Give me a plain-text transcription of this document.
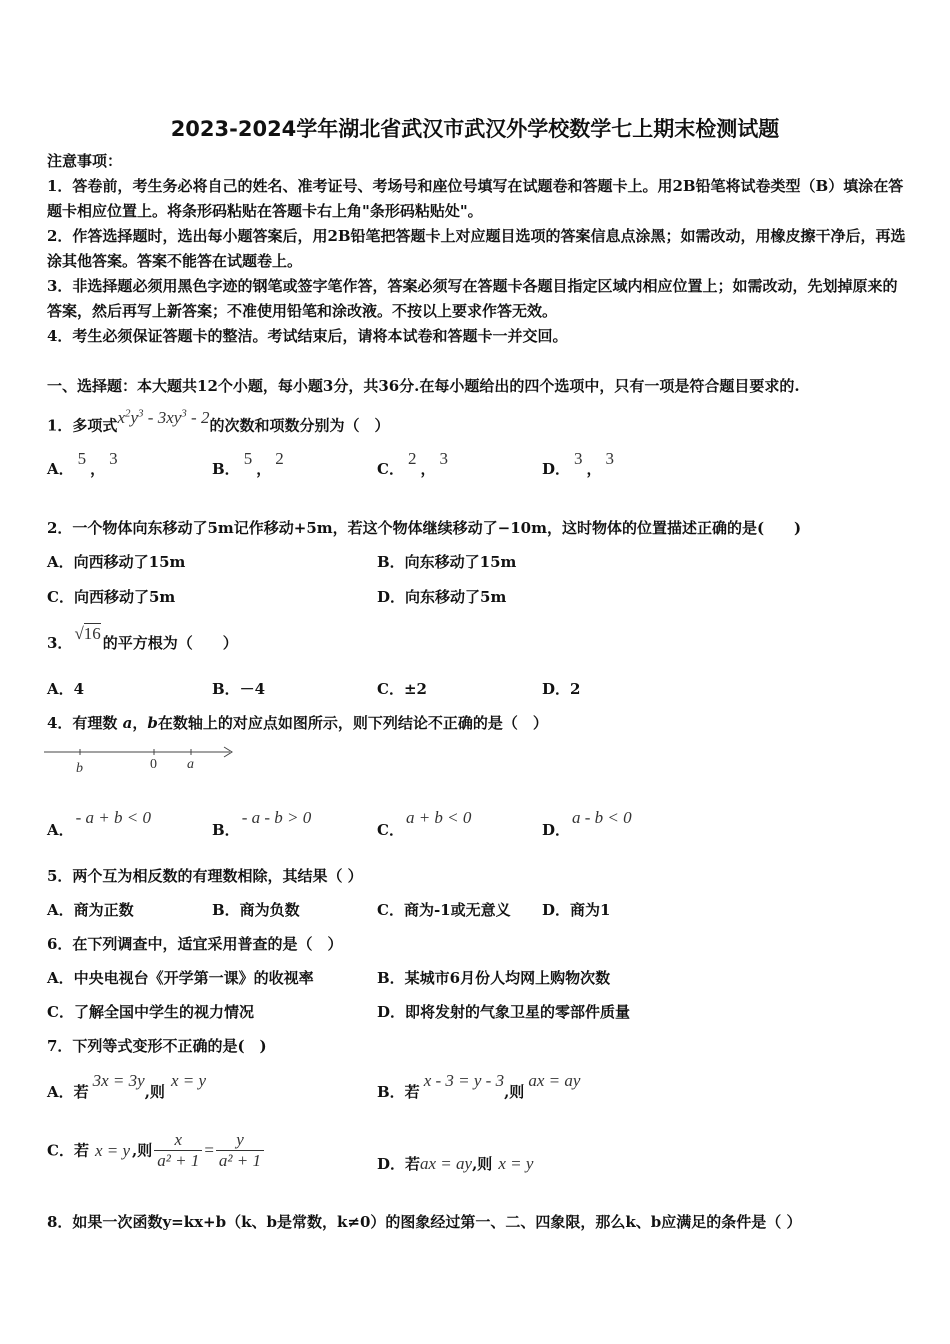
2023-2024学年湖北省武汉市武汉外学校数学七上期末检测试题
注意事项：
1．答卷前，考生务必将自己的姓名、准考证号、考场号和座位号填写在试题卷和答题卡上。用2B铅笔将试卷类型（B）填涂在答题卡相应位置上。将条形码粘贴在答题卡右上角"条形码粘贴处"。
2．作答选择题时，选出每小题答案后，用2B铅笔把答题卡上对应题目选项的答案信息点涂黑；如需改动，用橡皮擦干净后，再选涂其他答案。答案不能答在试题卷上。
3．非选择题必须用黑色字迹的钢笔或签字笔作答，答案必须写在答题卡各题目指定区域内相应位置上；如需改动，先划掉原来的答案，然后再写上新答案；不准使用铅笔和涂改液。不按以上要求作答无效。
4．考生必须保证答题卡的整洁。考试结束后，请将本试卷和答题卡一并交回。
一、选择题：本大题共12个小题，每小题3分，共36分.在每小题给出的四个选项中，只有一项是符合题目要求的.
1．多项式$x^2y^3 - 3xy^3 - 2$的次数和项数分别为（　）
A．5，3
B．5，2
C．2，3
D．3，3
2．一个物体向东移动了5m记作移动+5m，若这个物体继续移动了−10m，这时物体的位置描述正确的是(　　)
A．向西移动了15m	B．向东移动了15m
C．向西移动了5m	D．向东移动了5m
3． √16 的平方根为（　　）
A．4	B．－4	C．±2	D．2
4．有理数 a，b在数轴上的对应点如图所示，则下列结论不正确的是（　）
b	0 a
A．- a + b < 0
B．- a - b > 0
C．a + b < 0
D．a - b < 0
5．两个互为相反数的有理数相除，其结果（ ）
A．商为正数	B．商为负数	C．商为-1或无意义 D．商为1
6．在下列调查中，适宜采用普查的是（　）
A．中央电视台《开学第一课》的收视率	B．某城市6月份人均网上购物次数
C．了解全国中学生的视力情况	D．即将发射的气象卫星的零部件质量
7．下列等式变形不正确的是(　)
A．若3x = 3y,则x = y
B．若x - 3 = y - 3,则ax = ay
C．若 x = y ,则 $\frac{x}{\text{a² + 1}} = \frac{y}{\text{a² + 1}}$	D．若ax = ay,则 x = y
8．如果一次函数y=kx+b（k、b是常数，k≠0）的图象经过第一、二、四象限，那么k、b应满足的条件是（ ）
